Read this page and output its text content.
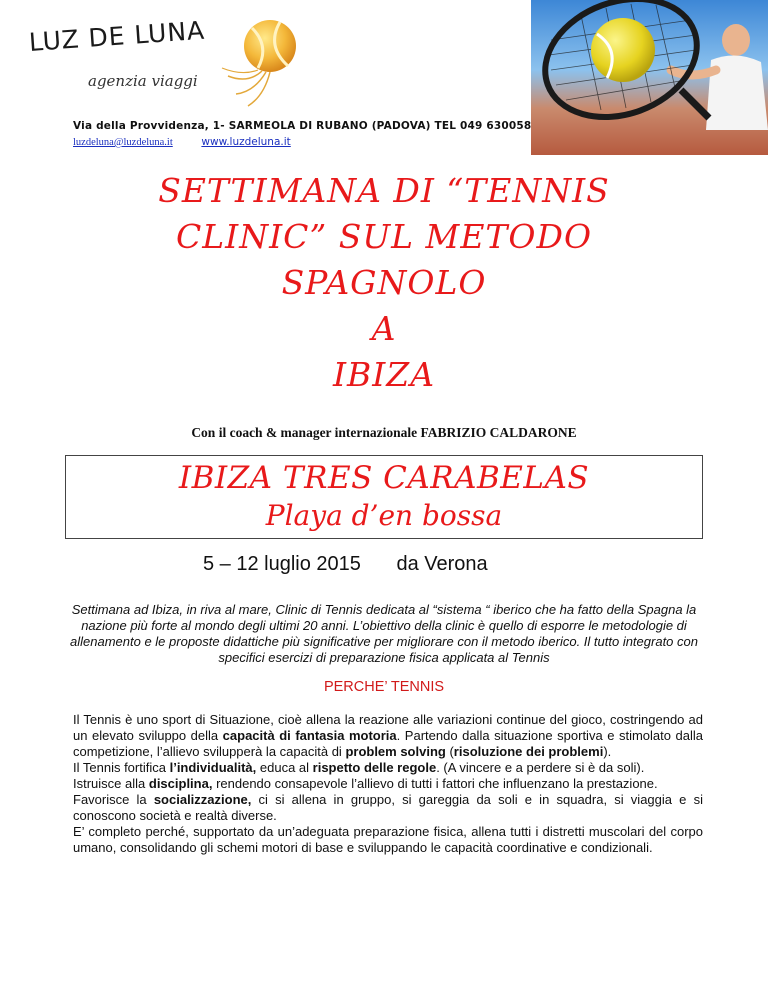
LUZ DE LUNA
agenzia viaggi
Via della Provvidenza, 1- SARMEOLA DI RUBANO (PADOVA) TEL 049 630058
luzdeluna@luzdeluna.it	www.luzdeluna.it
SETTIMANA DI “TENNIS
CLINIC” SUL METODO
SPAGNOLO
A
IBIZA
Con il coach & manager internazionale FABRIZIO CALDARONE
IBIZA TRES CARABELAS
Playa d’en bossa
5 – 12 luglio 2015 da Verona
Settimana ad Ibiza, in riva al mare, Clinic di Tennis dedicata al “sistema “ iberico che ha fatto della Spagna la nazione più forte al mondo degli ultimi 20 anni. L’obiettivo della clinic è quello di esporre le metodologie di allenamento e le proposte didattiche più significative per migliorare con il metodo iberico. Il tutto integrato con specifici esercizi di preparazione fisica applicata al Tennis
PERCHE’ TENNIS

Il Tennis è uno sport di Situazione, cioè allena la reazione alle variazioni continue del gioco, costringendo ad un elevato sviluppo della capacità di fantasia motoria. Partendo dalla situazione sportiva e stimolato dalla competizione, l’allievo svilupperà la capacità di problem solving (risoluzione dei problemi).

Il Tennis fortifica l’individualità, educa al rispetto delle regole. (A vincere e a perdere si è da soli).

Istruisce alla disciplina, rendendo consapevole l’allievo di tutti i fattori che influenzano la prestazione.

Favorisce la socializzazione, ci si allena in gruppo, si gareggia da soli e in squadra, si viaggia e si conoscono società e realtà diverse.

E’ completo perché, supportato da un’adeguata preparazione fisica, allena tutti i distretti muscolari del corpo umano, consolidando gli schemi motori di base e sviluppando le capacità coordinative e condizionali.
